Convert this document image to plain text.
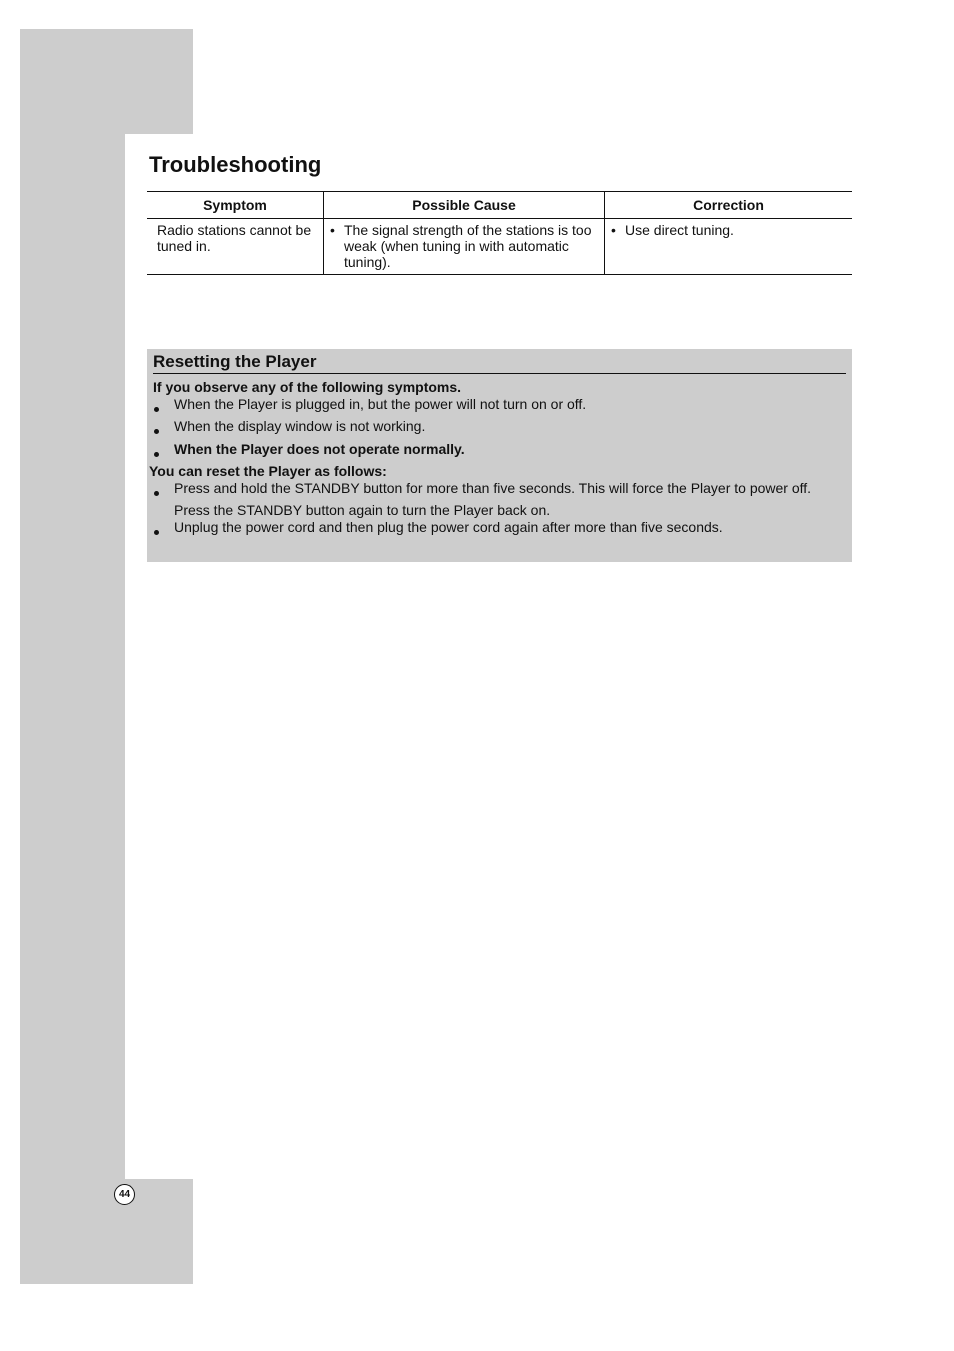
44
Troubleshooting
Symptom	Possible Cause	Correction
Radio stations cannot be tuned in.	• The signal strength of the stations is too weak (when tuning in with automatic tuning).	• Use direct tuning.
Resetting the Player
If you observe any of the following symptoms.
When the Player is plugged in, but the power will not turn on or off.
When the display window is not working.
When the Player does not operate normally.
You can reset the Player as follows:
Press and hold the STANDBY button for more than five seconds. This will force the Player to power off.
Press the STANDBY button again to turn the Player back on.
Unplug the power cord and then plug the power cord again after more than five seconds.
